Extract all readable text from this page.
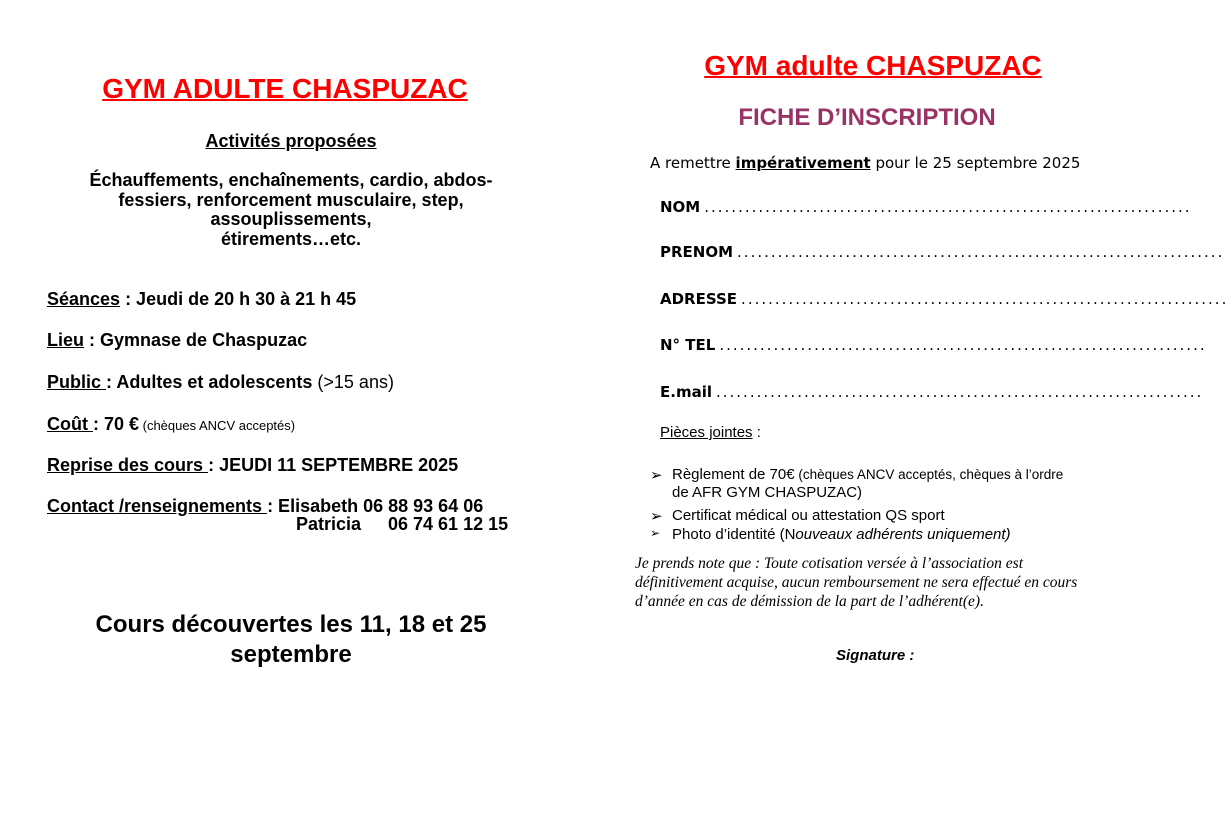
GYM ADULTE CHASPUZAC
Activités proposées
Échauffements, enchaînements, cardio, abdos-
fessiers, renforcement musculaire, step,
assouplissements,
étirements…etc.
Séances : Jeudi de 20 h 30 à 21 h 45
Lieu : Gymnase de Chaspuzac
Public : Adultes et adolescents (>15 ans)
Coût : 70 € (chèques ANCV acceptés)
Reprise des cours : JEUDI 11 SEPTEMBRE 2025
Contact /renseignements : Elisabeth 06 88 93 64 06
Patricia 06 74 61 12 15
Cours découvertes les 11, 18 et 25
septembre
GYM adulte CHASPUZAC
FICHE D’INSCRIPTION
A remettre impérativement pour le 25 septembre 2025
NOM ........................................................................
PRENOM ........................................................................
ADRESSE ........................................................................
N° TEL ........................................................................
E.mail ........................................................................
Pièces jointes :
➢ Règlement de 70€ (chèques ANCV acceptés, chèques à l’ordre
de AFR GYM CHASPUZAC)
➢ Certificat médical ou attestation QS sport
➢ Photo d’identité (N ouveaux adhérents uniquement)
Je prends note que : Toute cotisation versée à l’association est
définitivement acquise, aucun remboursement ne sera effectué en cours
d’année en cas de démission de la part de l’adhérent(e).
Signature :
